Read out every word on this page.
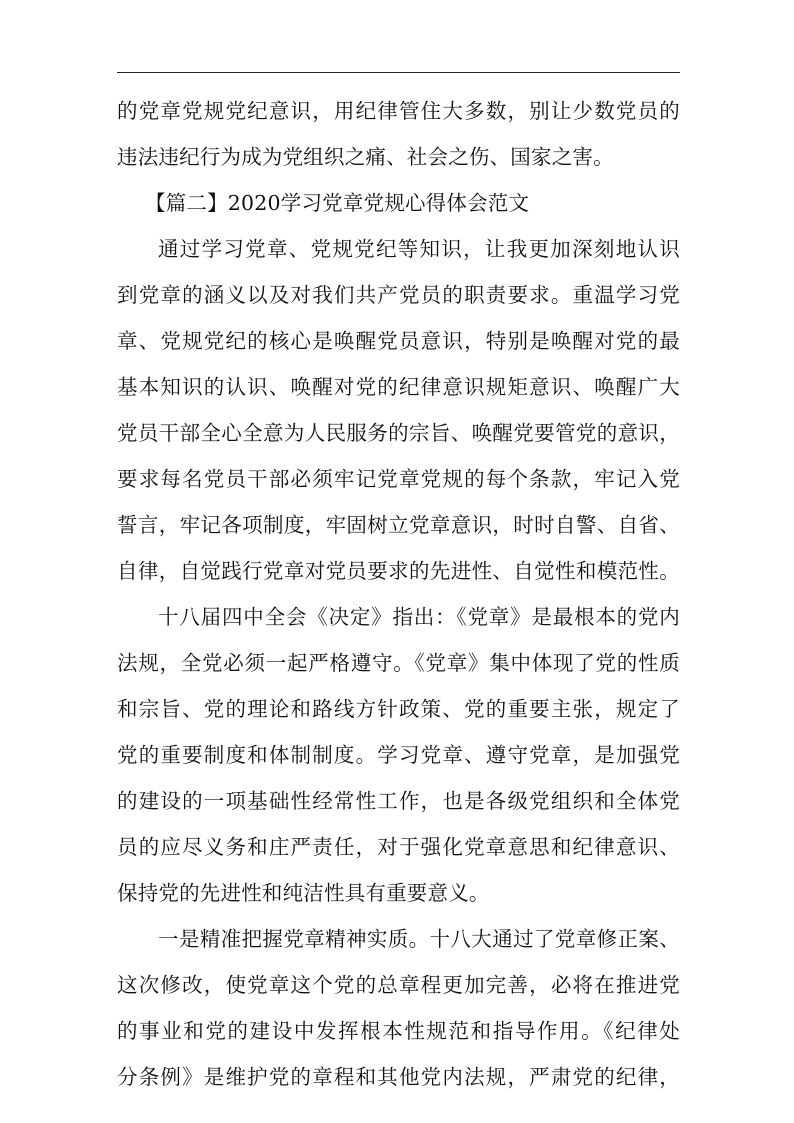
的党章党规党纪意识，用纪律管住大多数，别让少数党员的
违法违纪行为成为党组织之痛、社会之伤、国家之害。
【篇二】2020学习党章党规心得体会范文
通过学习党章、党规党纪等知识，让我更加深刻地认识
到党章的涵义以及对我们共产党员的职责要求。重温学习党
章、党规党纪的核心是唤醒党员意识，特别是唤醒对党的最
基本知识的认识、唤醒对党的纪律意识规矩意识、唤醒广大
党员干部全心全意为人民服务的宗旨、唤醒党要管党的意识，
要求每名党员干部必须牢记党章党规的每个条款，牢记入党
誓言，牢记各项制度，牢固树立党章意识，时时自警、自省、
自律，自觉践行党章对党员要求的先进性、自觉性和模范性。
十八届四中全会《决定》指出：《党章》是最根本的党内
法规，全党必须一起严格遵守。《党章》集中体现了党的性质
和宗旨、党的理论和路线方针政策、党的重要主张，规定了
党的重要制度和体制制度。学习党章、遵守党章，是加强党
的建设的一项基础性经常性工作，也是各级党组织和全体党
员的应尽义务和庄严责任，对于强化党章意思和纪律意识、
保持党的先进性和纯洁性具有重要意义。
一是精准把握党章精神实质。十八大通过了党章修正案、
这次修改，使党章这个党的总章程更加完善，必将在推进党
的事业和党的建设中发挥根本性规范和指导作用。《纪律处
分条例》是维护党的章程和其他党内法规，严肃党的纪律，
